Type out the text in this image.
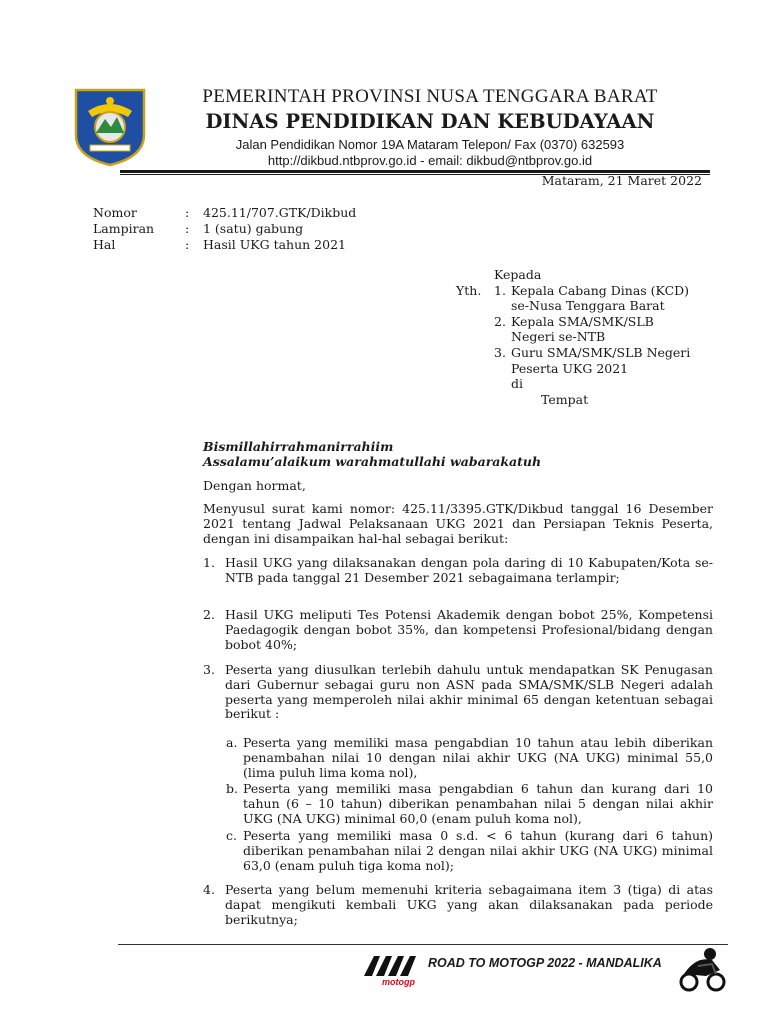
PEMERINTAH PROVINSI NUSA TENGGARA BARAT
DINAS PENDIDIKAN DAN KEBUDAYAAN
Jalan Pendidikan Nomor 19A Mataram Telepon/ Fax (0370) 632593
http://dikbud.ntbprov.go.id - email: dikbud@ntbprov.go.id
Mataram, 21 Maret 2022
Nomor	:	425.11/707.GTK/Dikbud
Lampiran	:	1 (satu) gabung
Hal	:	Hasil UKG tahun 2021
Kepada
Yth.	1. Kepala Cabang Dinas (KCD)
se-Nusa Tenggara Barat
2. Kepala SMA/SMK/SLB
Negeri se-NTB
3. Guru SMA/SMK/SLB Negeri
Peserta UKG 2021
di
Tempat
Bismillahirrahmanirrahiim
Assalamu’alaikum warahmatullahi wabarakatuh
Dengan hormat,
Menyusul surat kami nomor: 425.11/3395.GTK/Dikbud tanggal 16 Desember 2021 tentang Jadwal Pelaksanaan UKG 2021 dan Persiapan Teknis Peserta, dengan ini disampaikan hal-hal sebagai berikut:
1. Hasil UKG yang dilaksanakan dengan pola daring di 10 Kabupaten/Kota se-NTB pada tanggal 21 Desember 2021 sebagaimana terlampir;
2. Hasil UKG meliputi Tes Potensi Akademik dengan bobot 25%, Kompetensi Paedagogik dengan bobot 35%, dan kompetensi Profesional/bidang dengan bobot 40%;
3. Peserta yang diusulkan terlebih dahulu untuk mendapatkan SK Penugasan dari Gubernur sebagai guru non ASN pada SMA/SMK/SLB Negeri adalah peserta yang memperoleh nilai akhir minimal 65 dengan ketentuan sebagai berikut :
a. Peserta yang memiliki masa pengabdian 10 tahun atau lebih diberikan penambahan nilai 10 dengan nilai akhir UKG (NA UKG) minimal 55,0 (lima puluh lima koma nol),
b. Peserta yang memiliki masa pengabdian 6 tahun dan kurang dari 10 tahun (6 – 10 tahun) diberikan penambahan nilai 5 dengan nilai akhir UKG (NA UKG) minimal 60,0 (enam puluh koma nol),
c. Peserta yang memiliki masa 0 s.d. < 6 tahun (kurang dari 6 tahun) diberikan penambahan nilai 2 dengan nilai akhir UKG (NA UKG) minimal 63,0 (enam puluh tiga koma nol);
4. Peserta yang belum memenuhi kriteria sebagaimana item 3 (tiga) di atas dapat mengikuti kembali UKG yang akan dilaksanakan pada periode berikutnya;
motogp
ROAD TO MOTOGP 2022 - MANDALIKA
